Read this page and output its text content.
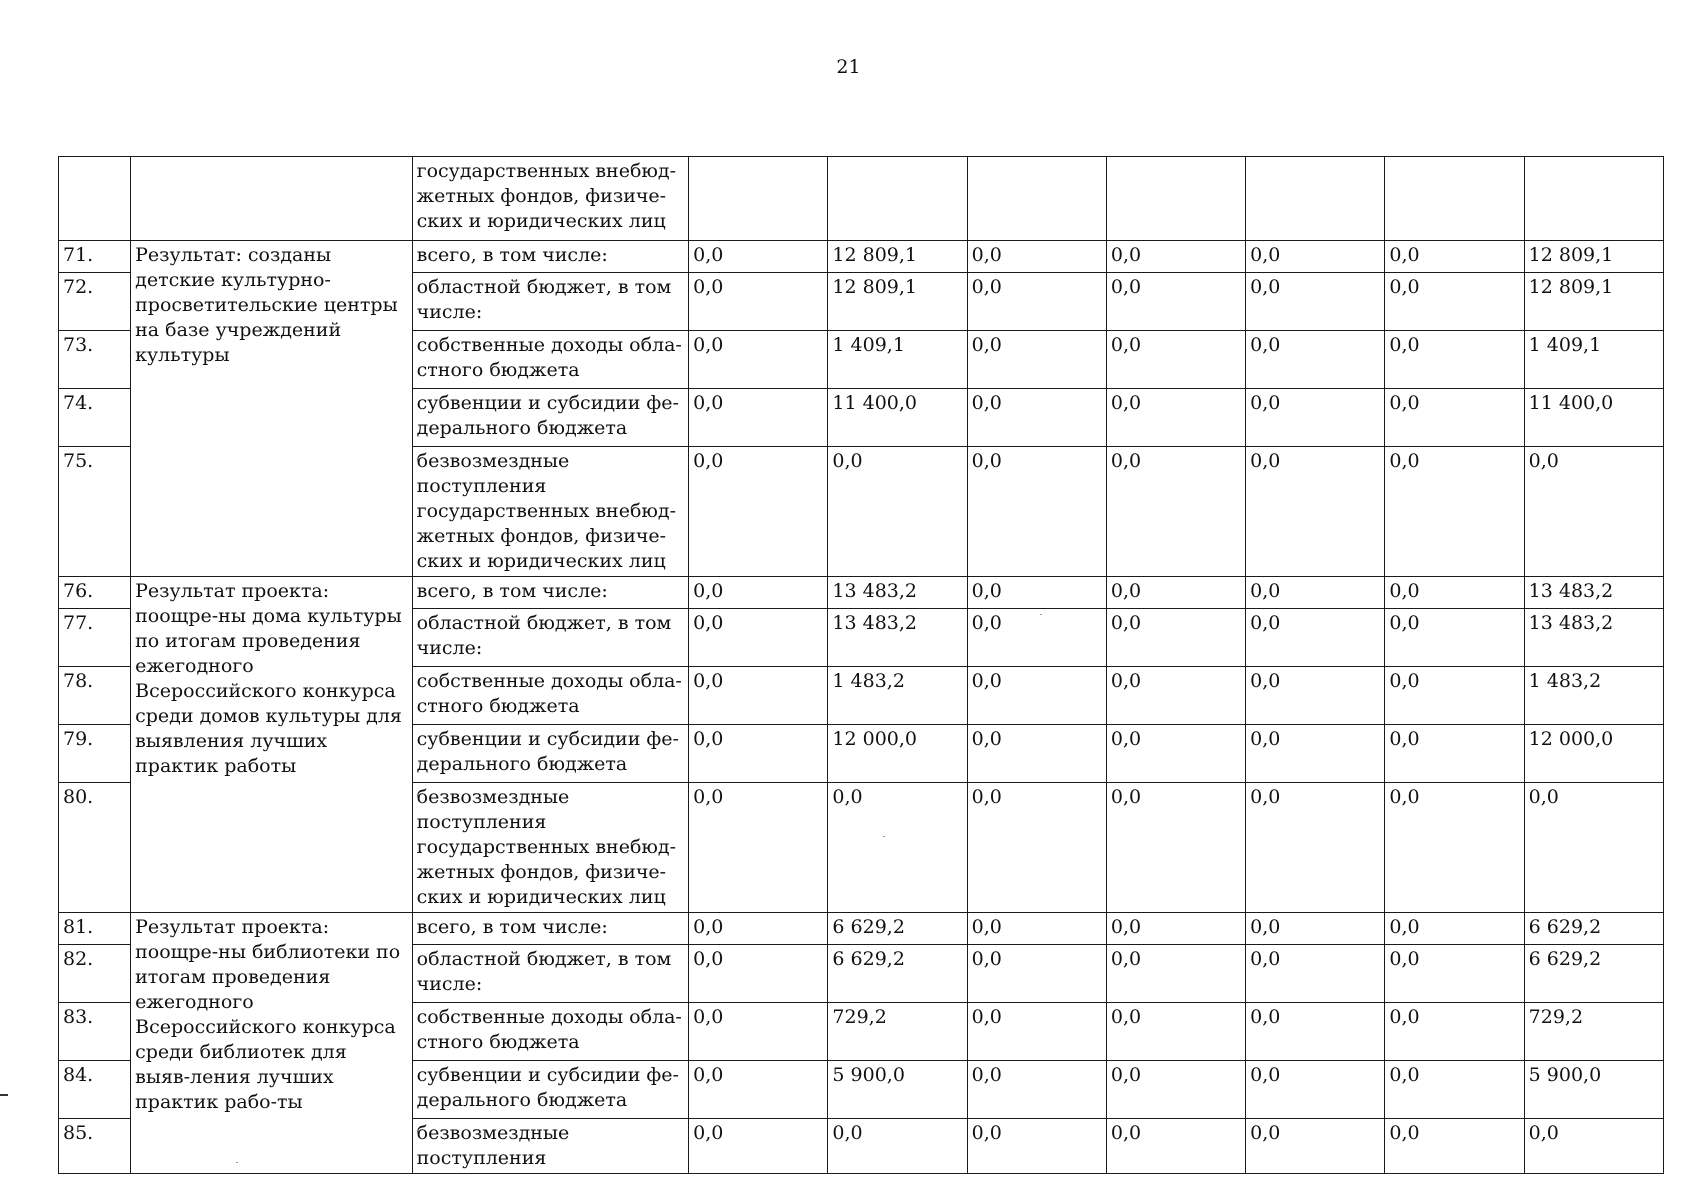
21
		государственных внебюд-жетных фондов, физиче-ских и юридических лиц							
71.	Результат: созданы детские культурно-просветительские центры на базе учреждений культуры	всего, в том числе:	0,0	12 809,1	0,0	0,0	0,0	0,0	12 809,1
72.		областной бюджет, в том числе:	0,0	12 809,1	0,0	0,0	0,0	0,0	12 809,1
73.		собственные доходы обла-стного бюджета	0,0	1 409,1	0,0	0,0	0,0	0,0	1 409,1
74.		субвенции и субсидии фе-дерального бюджета	0,0	11 400,0	0,0	0,0	0,0	0,0	11 400,0
75.		безвозмездные поступления государственных внебюд-жетных фондов, физиче-ских и юридических лиц	0,0	0,0	0,0	0,0	0,0	0,0	0,0
76.	Результат проекта: поощре-ны дома культуры по итогам проведения ежегодного Всероссийского конкурса среди домов культуры для выявления лучших практик работы	всего, в том числе:	0,0	13 483,2	0,0	0,0	0,0	0,0	13 483,2
77.		областной бюджет, в том числе:	0,0	13 483,2	0,0	0,0	0,0	0,0	13 483,2
78.		собственные доходы обла-стного бюджета	0,0	1 483,2	0,0	0,0	0,0	0,0	1 483,2
79.		субвенции и субсидии фе-дерального бюджета	0,0	12 000,0	0,0	0,0	0,0	0,0	12 000,0
80.		безвозмездные поступления государственных внебюд-жетных фондов, физиче-ских и юридических лиц	0,0	0,0	0,0	0,0	0,0	0,0	0,0
81.	Результат проекта: поощре-ны библиотеки по итогам проведения ежегодного Всероссийского конкурса среди библиотек для выяв-ления лучших практик рабо-ты	всего, в том числе:	0,0	6 629,2	0,0	0,0	0,0	0,0	6 629,2
82.		областной бюджет, в том числе:	0,0	6 629,2	0,0	0,0	0,0	0,0	6 629,2
83.		собственные доходы обла-стного бюджета	0,0	729,2	0,0	0,0	0,0	0,0	729,2
84.		субвенции и субсидии фе-дерального бюджета	0,0	5 900,0	0,0	0,0	0,0	0,0	5 900,0
85.		безвозмездные поступления	0,0	0,0	0,0	0,0	0,0	0,0	0,0
